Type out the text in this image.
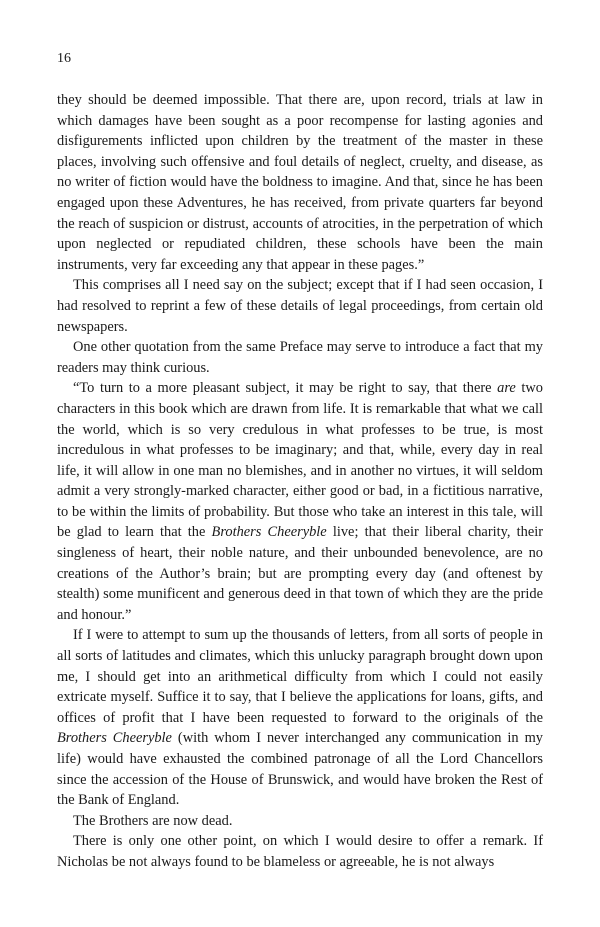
16

they should be deemed impossible. That there are, upon record, trials at law in which damages have been sought as a poor recompense for lasting agonies and disfigurements inflicted upon children by the treatment of the master in these places, involving such offensive and foul details of neglect, cruelty, and disease, as no writer of fiction would have the boldness to imagine. And that, since he has been engaged upon these Adventures, he has received, from private quarters far beyond the reach of suspicion or distrust, accounts of atrocities, in the perpetration of which upon neglected or repudiated children, these schools have been the main instruments, very far exceeding any that appear in these pages.”

This comprises all I need say on the subject; except that if I had seen occasion, I had resolved to reprint a few of these details of legal proceedings, from certain old newspapers.

One other quotation from the same Preface may serve to introduce a fact that my readers may think curious.

“To turn to a more pleasant subject, it may be right to say, that there are two characters in this book which are drawn from life. It is remarkable that what we call the world, which is so very credulous in what professes to be true, is most incredulous in what professes to be imaginary; and that, while, every day in real life, it will allow in one man no blemishes, and in another no virtues, it will seldom admit a very strongly-marked character, either good or bad, in a fictitious narrative, to be within the limits of probability. But those who take an interest in this tale, will be glad to learn that the Brothers Cheeryble live; that their liberal charity, their singleness of heart, their noble nature, and their unbounded benevolence, are no creations of the Author’s brain; but are prompting every day (and oftenest by stealth) some munificent and generous deed in that town of which they are the pride and honour.”

If I were to attempt to sum up the thousands of letters, from all sorts of people in all sorts of latitudes and climates, which this unlucky paragraph brought down upon me, I should get into an arithmetical difficulty from which I could not easily extricate myself. Suffice it to say, that I believe the applications for loans, gifts, and offices of profit that I have been requested to forward to the originals of the Brothers Cheeryble (with whom I never interchanged any communication in my life) would have exhausted the combined patronage of all the Lord Chancellors since the accession of the House of Brunswick, and would have broken the Rest of the Bank of England.

The Brothers are now dead.

There is only one other point, on which I would desire to offer a remark. If Nicholas be not always found to be blameless or agreeable, he is not always
